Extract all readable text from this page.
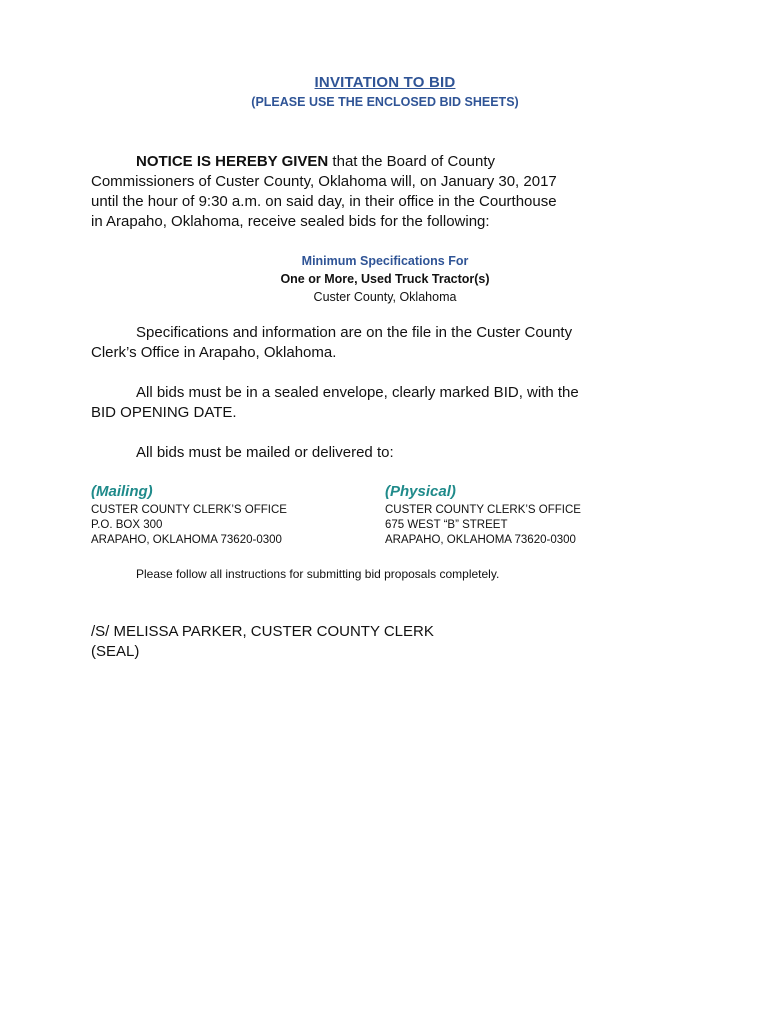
INVITATION TO BID
(PLEASE USE THE ENCLOSED BID SHEETS)
NOTICE IS HEREBY GIVEN that the Board of County
Commissioners of Custer County, Oklahoma will, on January 30, 2017
until the hour of 9:30 a.m. on said day, in their office in the Courthouse
in Arapaho, Oklahoma, receive sealed bids for the following:
Minimum Specifications For
One or More, Used Truck Tractor(s)
Custer County, Oklahoma
Specifications and information are on the file in the Custer County
Clerk’s Office in Arapaho, Oklahoma.
All bids must be in a sealed envelope, clearly marked BID, with the
BID OPENING DATE.
All bids must be mailed or delivered to:
(Mailing)
CUSTER COUNTY CLERK’S OFFICE
P.O. BOX 300
ARAPAHO, OKLAHOMA 73620-0300
(Physical)
CUSTER COUNTY CLERK’S OFFICE
675 WEST “B” STREET
ARAPAHO, OKLAHOMA 73620-0300
Please follow all instructions for submitting bid proposals completely.
/S/ MELISSA PARKER, CUSTER COUNTY CLERK
(SEAL)
